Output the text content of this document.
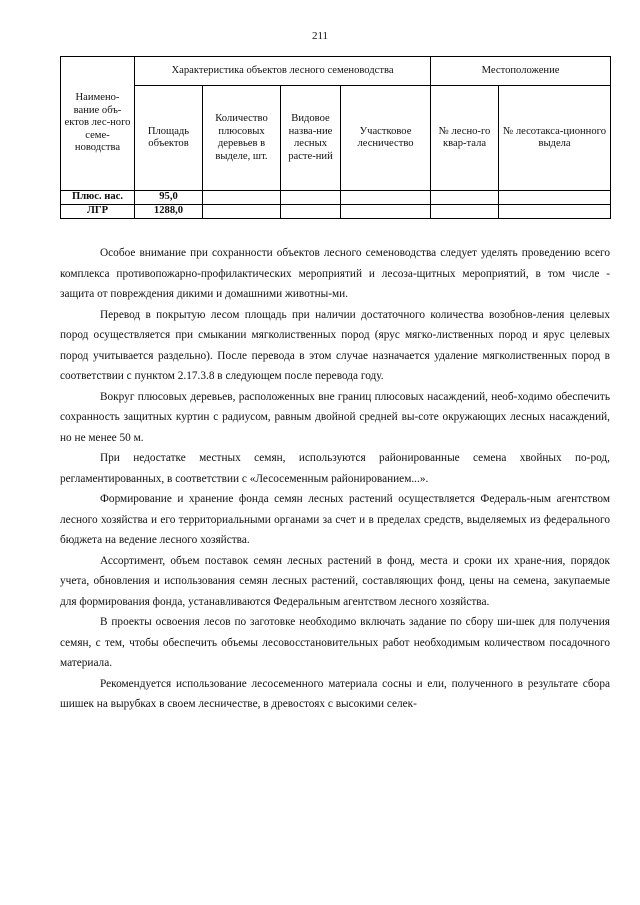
211
Наимено-вание объ-ектов лес-ного семе-новодства	Характеристика объектов лесного семеноводства				Местоположение	
	Площадь объектов	Количество плюсовых деревьев в выделе, шт.	Видовое назва-ние лесных расте-ний	Участковое лесничество	№ лесно-го квар-тала	№ лесотакса-ционного выдела
Плюс. нас.	95,0					
ЛГР	1288,0					

Особое внимание при сохранности объектов лесного семеноводства следует уделять проведению всего комплекса противопожарно-профилактических мероприятий и лесоза-щитных мероприятий, в том числе - защита от повреждения дикими и домашними животны-ми.

Перевод в покрытую лесом площадь при наличии достаточного количества возобнов-ления целевых пород осуществляется при смыкании мягколиственных пород (ярус мягко-лиственных пород и ярус целевых пород учитывается раздельно). После перевода в этом случае назначается удаление мягколиственных пород в соответствии с пунктом 2.17.3.8 в следующем после перевода году.

Вокруг плюсовых деревьев, расположенных вне границ плюсовых насаждений, необ-ходимо обеспечить сохранность защитных куртин с радиусом, равным двойной средней вы-соте окружающих лесных насаждений, но не менее 50 м.

При недостатке местных семян, используются районированные семена хвойных по-род, регламентированных, в соответствии с «Лесосеменным районированием...».

Формирование и хранение фонда семян лесных растений осуществляется Федераль-ным агентством лесного хозяйства и его территориальными органами за счет и в пределах средств, выделяемых из федерального бюджета на ведение лесного хозяйства.

Ассортимент, объем поставок семян лесных растений в фонд, места и сроки их хране-ния, порядок учета, обновления и использования семян лесных растений, составляющих фонд, цены на семена, закупаемые для формирования фонда, устанавливаются Федеральным агентством лесного хозяйства.

В проекты освоения лесов по заготовке необходимо включать задание по сбору ши-шек для получения семян, с тем, чтобы обеспечить объемы лесовосстановительных работ необходимым количеством посадочного материала.

Рекомендуется использование лесосеменного материала сосны и ели, полученного в результате сбора шишек на вырубках в своем лесничестве, в древостоях с высокими селек-
